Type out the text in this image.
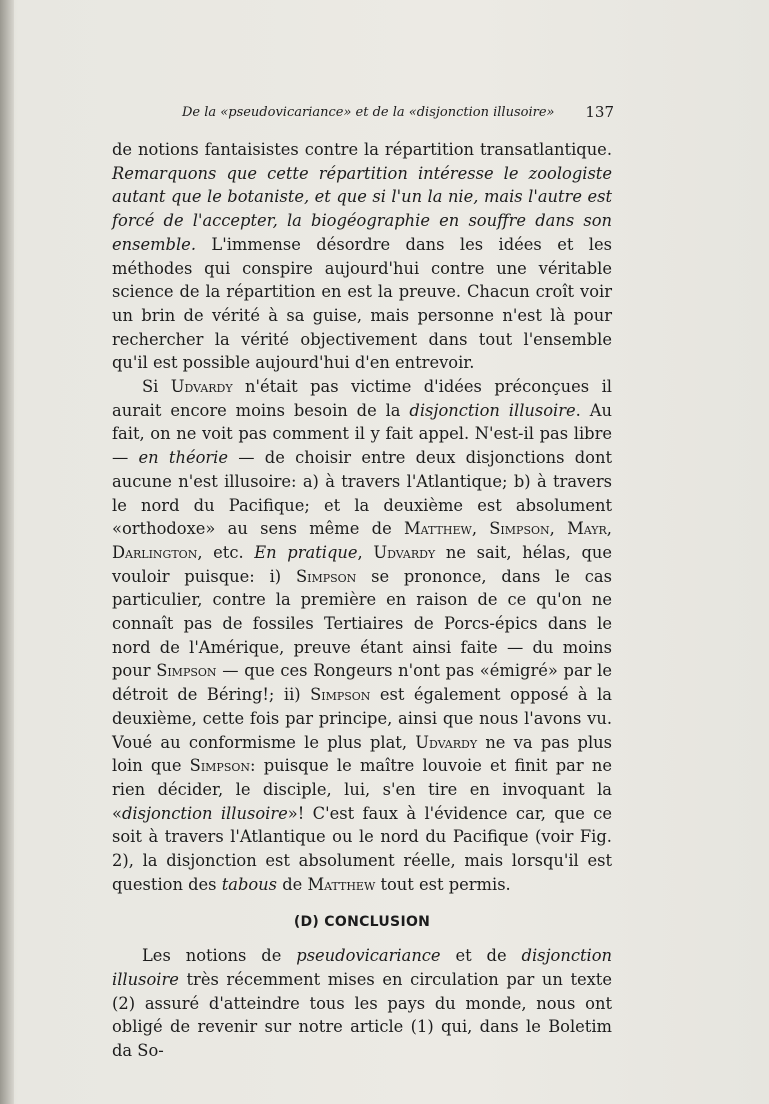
De la «pseudovicariance» et de la «disjonction illusoire» 137

de notions fantaisistes contre la répartition transatlantique. Remarquons que cette répartition intéresse le zoologiste autant que le botaniste, et que si l'un la nie, mais l'autre est forcé de l'accepter, la biogéographie en souffre dans son ensemble. L'immense désordre dans les idées et les méthodes qui conspire aujourd'hui contre une véritable science de la répartition en est la preuve. Chacun croît voir un brin de vérité à sa guise, mais personne n'est là pour rechercher la vérité objectivement dans tout l'ensemble qu'il est possible aujourd'hui d'en entrevoir.

Si Udvardy n'était pas victime d'idées préconçues il aurait encore moins besoin de la disjonction illusoire. Au fait, on ne voit pas comment il y fait appel. N'est-il pas libre — en théorie — de choisir entre deux disjonctions dont aucune n'est illusoire: a) à travers l'Atlantique; b) à travers le nord du Pacifique; et la deuxième est absolument «orthodoxe» au sens même de Matthew, Simpson, Mayr, Darlington, etc. En pratique, Udvardy ne sait, hélas, que vouloir puisque: i) Simpson se prononce, dans le cas particulier, contre la première en raison de ce qu'on ne connaît pas de fossiles Tertiaires de Porcs-épics dans le nord de l'Amérique, preuve étant ainsi faite — du moins pour Simpson — que ces Rongeurs n'ont pas «émigré» par le détroit de Béring!; ii) Simpson est également opposé à la deuxième, cette fois par principe, ainsi que nous l'avons vu. Voué au conformisme le plus plat, Udvardy ne va pas plus loin que Simpson: puisque le maître louvoie et finit par ne rien décider, le disciple, lui, s'en tire en invoquant la «disjonction illusoire»! C'est faux à l'évidence car, que ce soit à travers l'Atlantique ou le nord du Pacifique (voir Fig. 2), la disjonction est absolument réelle, mais lorsqu'il est question des tabous de Matthew tout est permis.

(D) CONCLUSION

Les notions de pseudovicariance et de disjonction illusoire très récemment mises en circulation par un texte (2) assuré d'atteindre tous les pays du monde, nous ont obligé de revenir sur notre article (1) qui, dans le Boletim da So-
